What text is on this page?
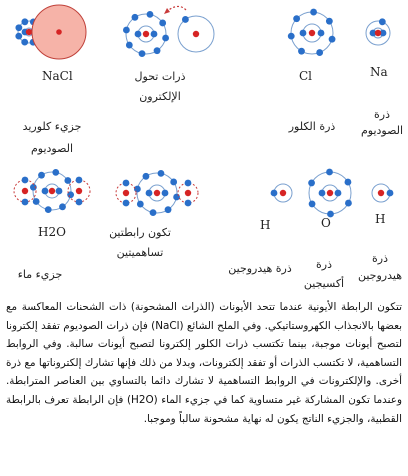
NaCl	Cl	Na
ذرات تحول
الإلكترون
ذرة
الصوديوم
ذرة الكلور
جزيء كلوريد
الصوديوم
H	O	H
H2O	تكون رابطتين
تساهميتين
جزيء ماء	ذرة هيدروجين ذرة
أكسيجين
ذرة
هيدروجين

تتكون الرابطة الأيونية عندما تتحد الأيونات (الذرات المشحونة) ذات الشحنات المعاكسة مع بعضها بالانجذاب الكهروستاتيكي. وفي الملح الشائع (NaCl) فإن ذرات الصوديوم تفقد إلكترونا لتصبح أيونات موجبة، بينما تكتسب ذرات الكلور إلكترونا لتصبح أيونات سالبة. وفي الروابط التساهمية، لا تكتسب الذرات أو تفقد إلكترونات، وبدلا من ذلك فإنها تشارك إلكتروناتها مع ذرة أخرى. والإلكترونات في الروابط التساهمية لا تشارك دائما بالتساوي بين العناصر المترابطة. وعندما تكون المشاركة غير متساوية كما في جزيء الماء (H2O) فإن الرابطة تعرف بالرابطة القطبية، والجزيء الناتج يكون له نهاية مشحونة سالباً وموجبا.
